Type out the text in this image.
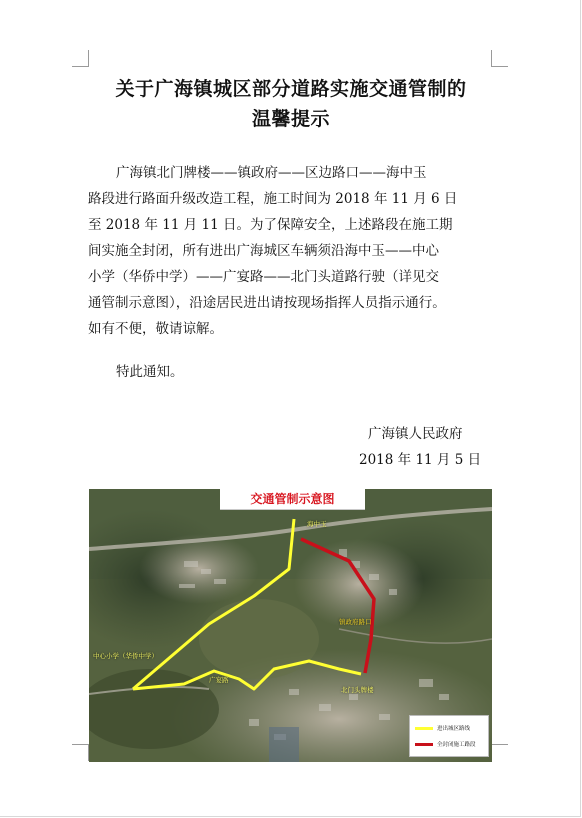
关于广海镇城区部分道路实施交通管制的
温馨提示
广海镇北门牌楼——镇政府——区边路口——海中玉
路段进行路面升级改造工程，施工时间为 2018 年 11 月 6 日
至 2018 年 11 月 11 日。为了保障安全，上述路段在施工期
间实施全封闭，所有进出广海城区车辆须沿海中玉——中心
小学（华侨中学）——广宴路——北门头道路行驶（详见交
通管制示意图），沿途居民进出请按现场指挥人员指示通行。
如有不便，敬请谅解。
特此通知。
广海镇人民政府
2018 年 11 月 5 日
交通管制示意图
海中玉
中心小学（华侨中学）
广宴路
镇政府路口
北门头牌楼
进出城区路线
全封闭施工路段
